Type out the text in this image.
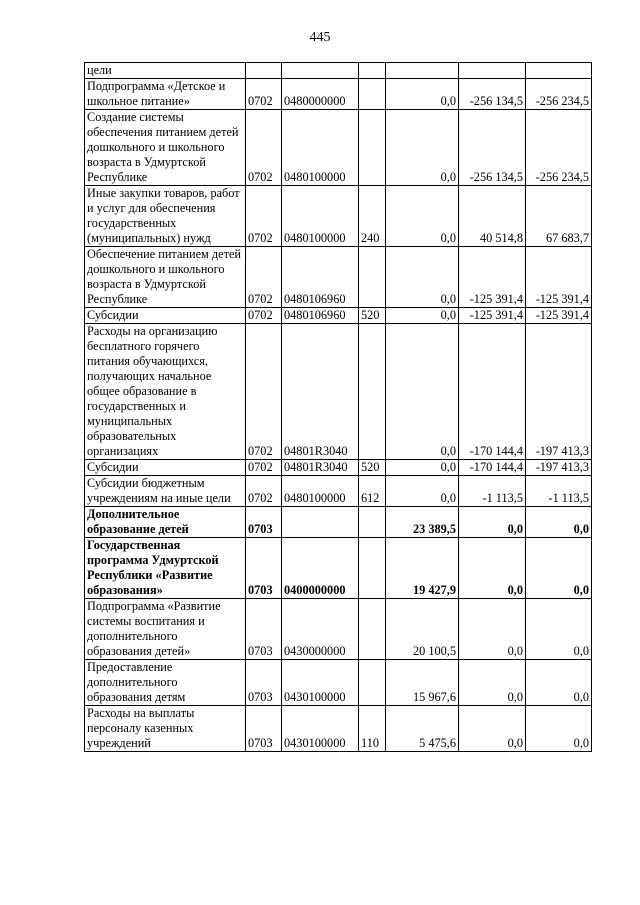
445
цели						
Подпрограмма «Детское и школьное питание»	0702	0480000000		0,0	-256 134,5	-256 234,5
Создание системы обеспечения питанием детей дошкольного и школьного возраста в Удмуртской Республике	0702	0480100000		0,0	-256 134,5	-256 234,5
Иные закупки товаров, работ и услуг для обеспечения государственных (муниципальных) нужд	0702	0480100000	240	0,0	40 514,8	67 683,7
Обеспечение питанием детей дошкольного и школьного возраста в Удмуртской Республике	0702	0480106960		0,0	-125 391,4	-125 391,4
Субсидии	0702	0480106960	520	0,0	-125 391,4	-125 391,4
Расходы на организацию бесплатного горячего питания обучающихся, получающих начальное общее образование в государственных и муниципальных образовательных организациях	0702	04801R3040		0,0	-170 144,4	-197 413,3
Субсидии	0702	04801R3040	520	0,0	-170 144,4	-197 413,3
Субсидии бюджетным учреждениям на иные цели	0702	0480100000	612	0,0	-1 113,5	-1 113,5
Дополнительное образование детей	0703			23 389,5	0,0	0,0
Государственная программа Удмуртской Республики «Развитие образования»	0703	0400000000		19 427,9	0,0	0,0
Подпрограмма «Развитие системы воспитания и дополнительного образования детей»	0703	0430000000		20 100,5	0,0	0,0
Предоставление дополнительного образования детям	0703	0430100000		15 967,6	0,0	0,0
Расходы на выплаты персоналу казенных учреждений	0703	0430100000	110	5 475,6	0,0	0,0
